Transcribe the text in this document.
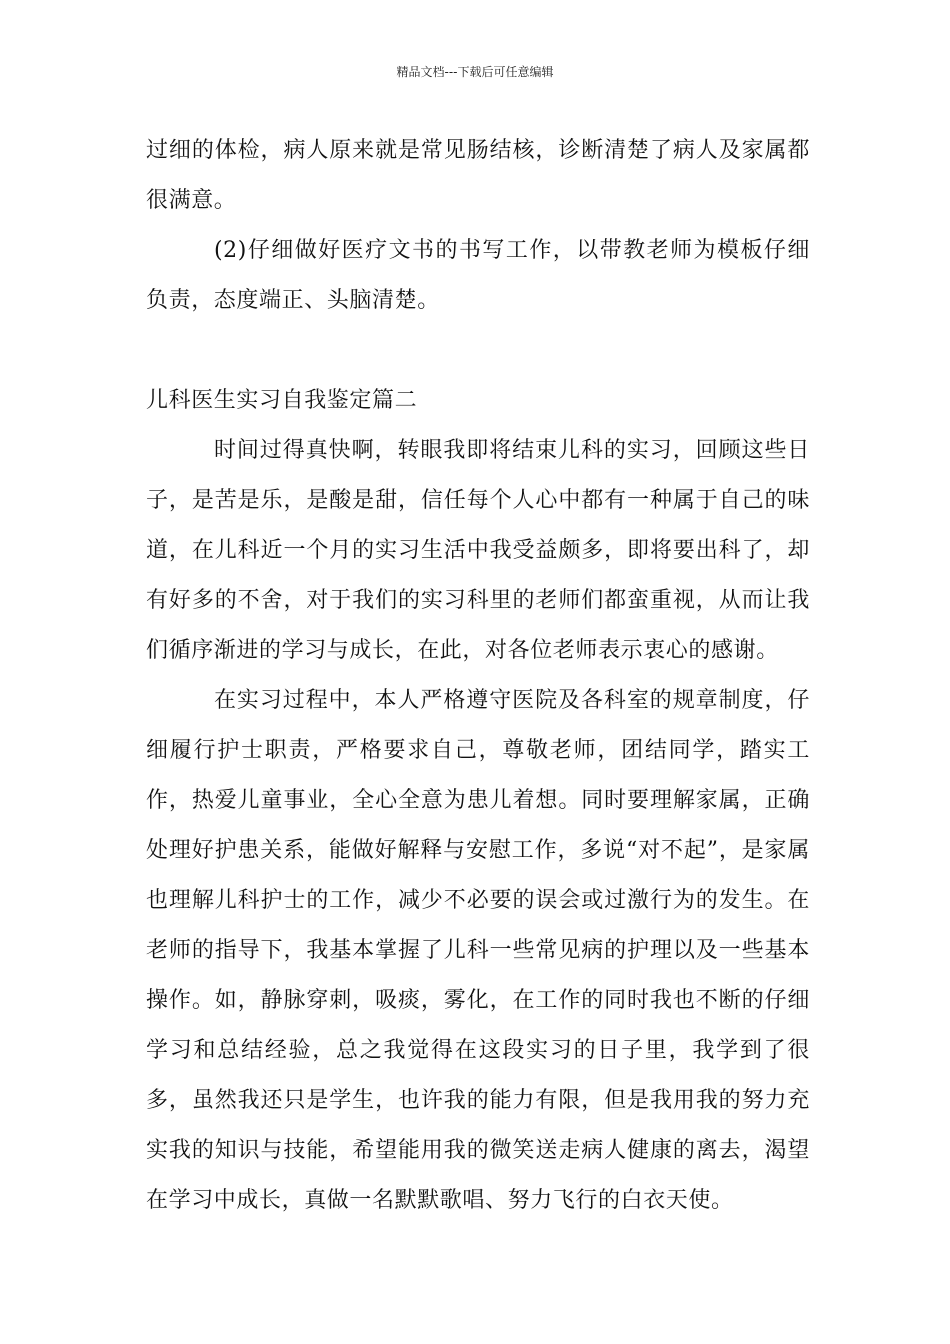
精品文档---下载后可任意编辑

过细的体检，病人原来就是常见肠结核，诊断清楚了病人及家属都很满意。

(2)仔细做好医疗文书的书写工作，以带教老师为模板仔细负责，态度端正、头脑清楚。

儿科医生实习自我鉴定篇二

时间过得真快啊，转眼我即将结束儿科的实习，回顾这些日子，是苦是乐，是酸是甜，信任每个人心中都有一种属于自己的味道，在儿科近一个月的实习生活中我受益颇多，即将要出科了，却有好多的不舍，对于我们的实习科里的老师们都蛮重视，从而让我们循序渐进的学习与成长，在此，对各位老师表示衷心的感谢。

在实习过程中，本人严格遵守医院及各科室的规章制度，仔细履行护士职责，严格要求自己，尊敬老师，团结同学，踏实工作，热爱儿童事业，全心全意为患儿着想。同时要理解家属，正确处理好护患关系，能做好解释与安慰工作，多说“对不起”，是家属也理解儿科护士的工作，减少不必要的误会或过激行为的发生。在老师的指导下，我基本掌握了儿科一些常见病的护理以及一些基本操作。如，静脉穿刺，吸痰，雾化，在工作的同时我也不断的仔细学习和总结经验，总之我觉得在这段实习的日子里，我学到了很多，虽然我还只是学生，也许我的能力有限，但是我用我的努力充实我的知识与技能，希望能用我的微笑送走病人健康的离去，渴望在学习中成长，真做一名默默歌唱、努力飞行的白衣天使。
